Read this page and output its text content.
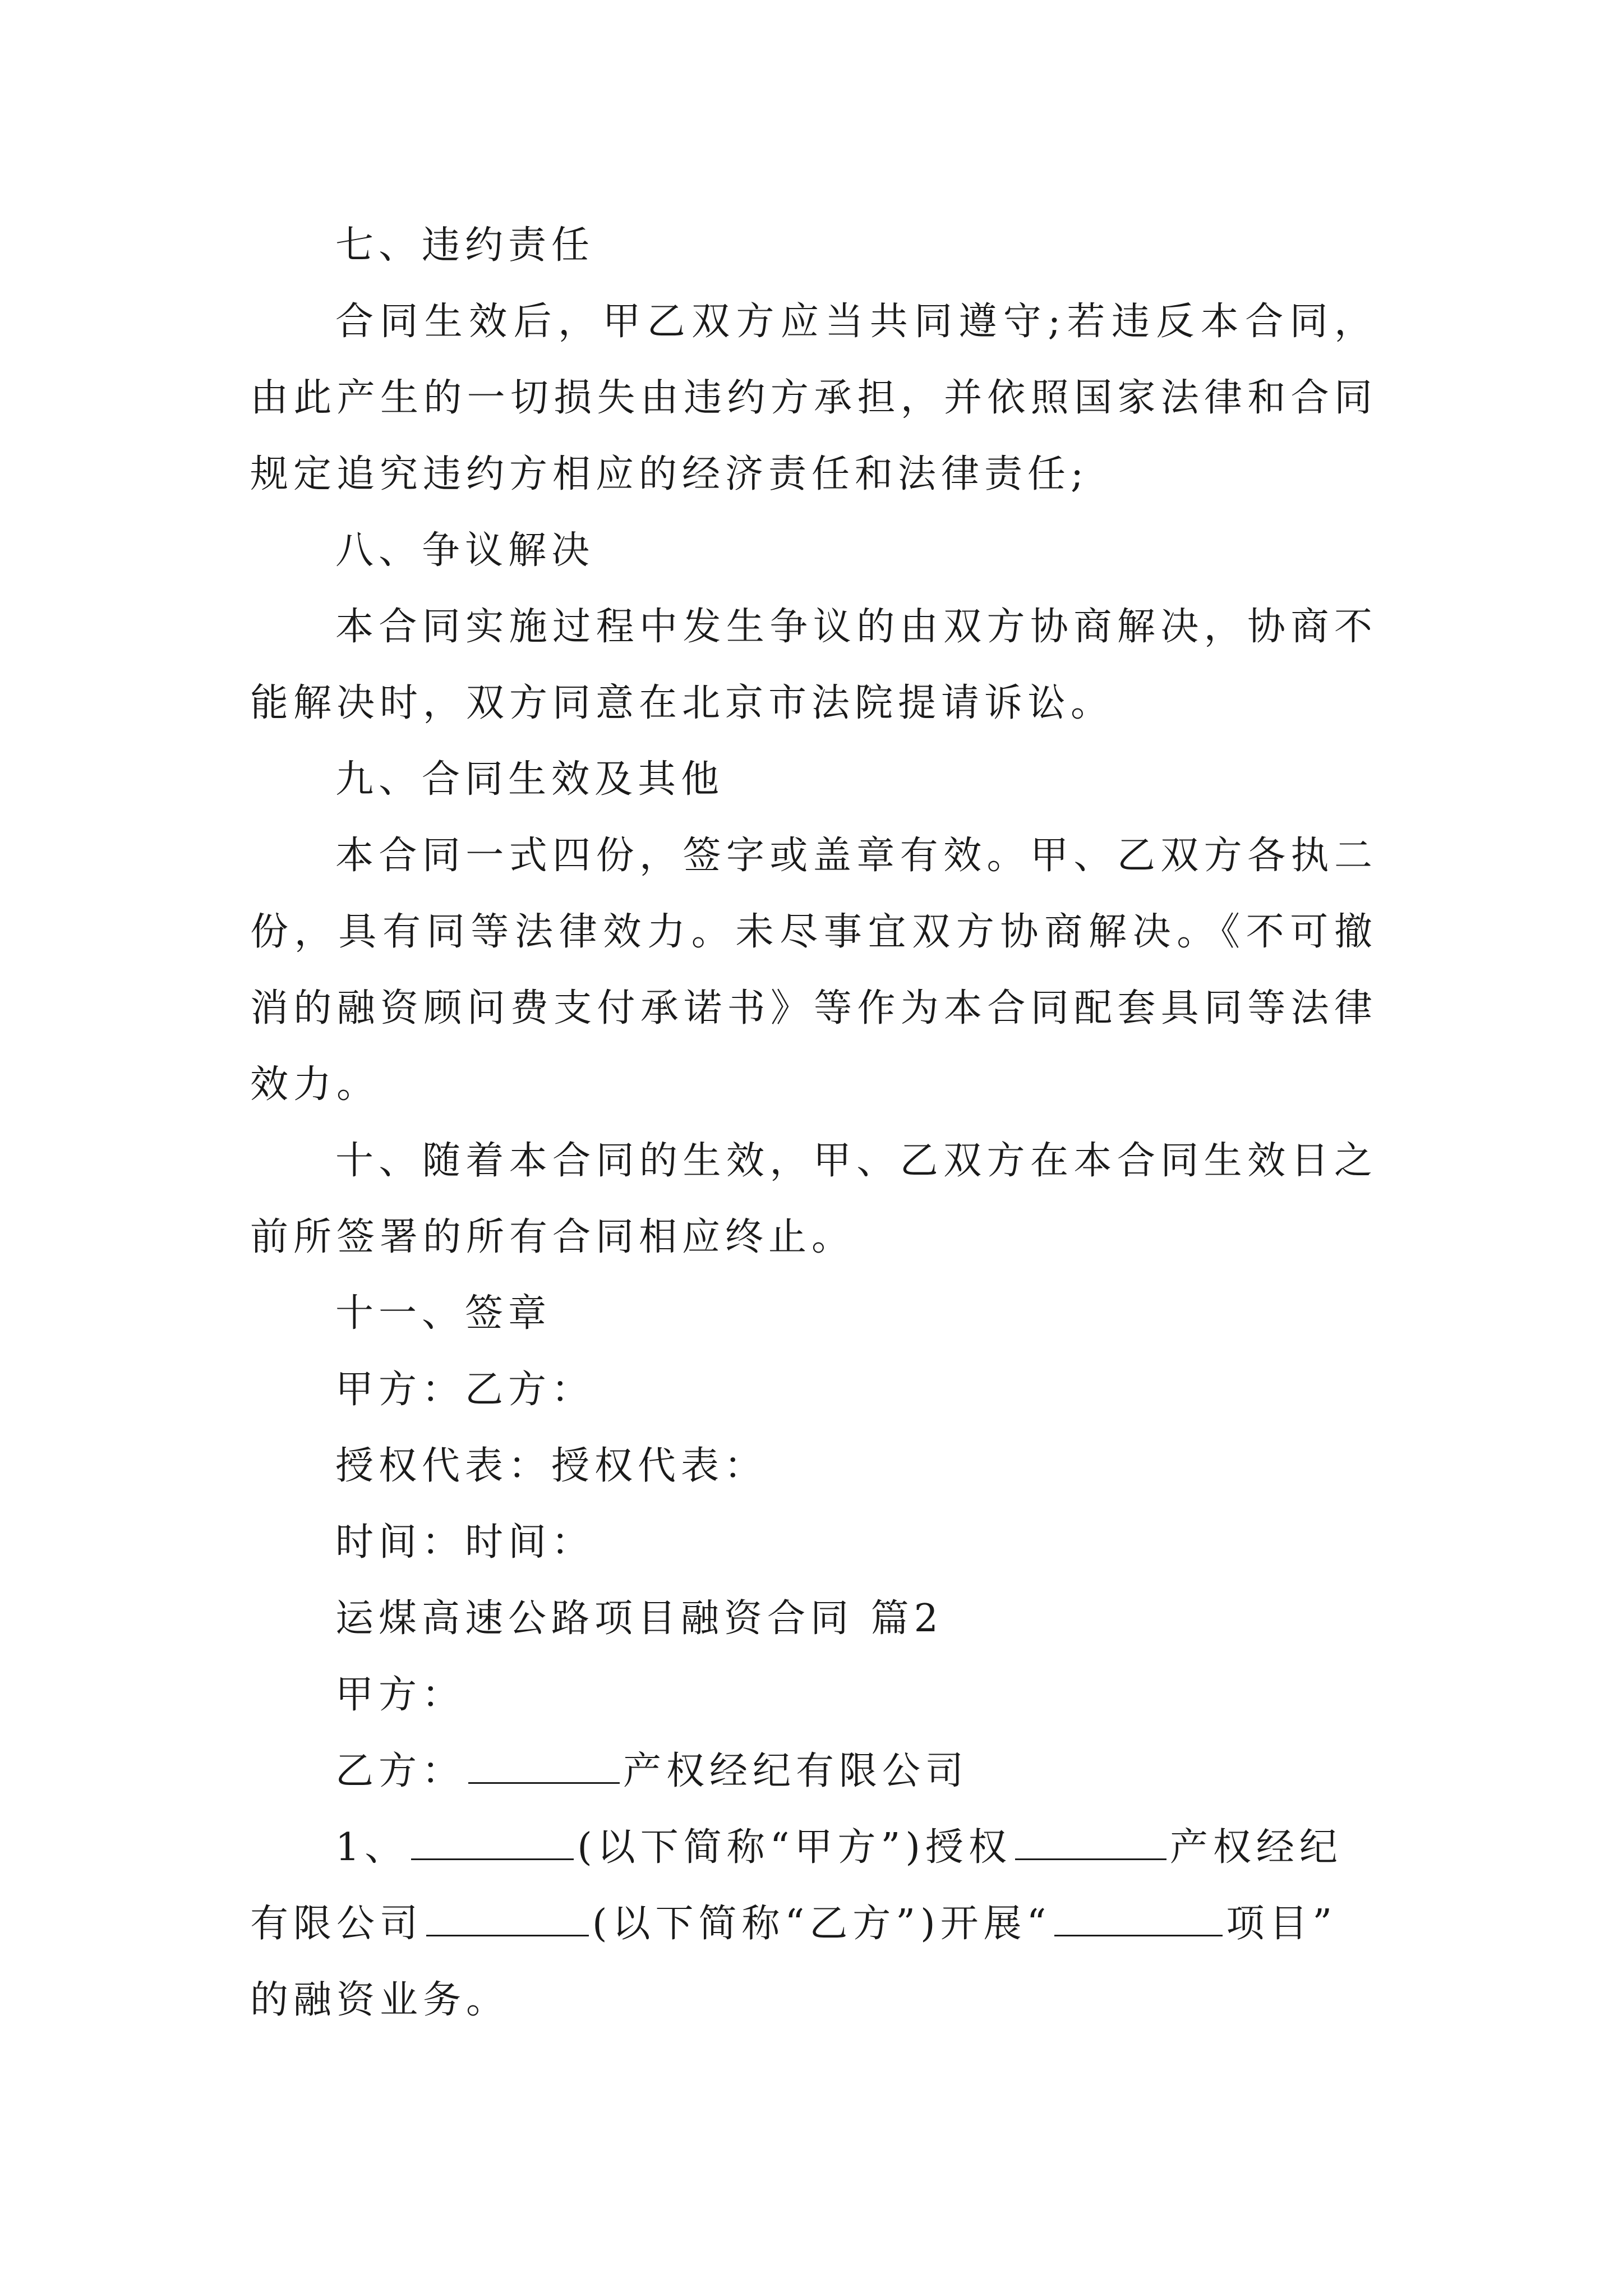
七、违约责任

合同生效后，甲乙双方应当共同遵守;若违反本合同，

由此产生的一切损失由违约方承担，并依照国家法律和合同

规定追究违约方相应的经济责任和法律责任;

八、争议解决

本合同实施过程中发生争议的由双方协商解决，协商不

能解决时，双方同意在北京市法院提请诉讼。

九、合同生效及其他

本合同一式四份，签字或盖章有效。甲、乙双方各执二

份，具有同等法律效力。未尽事宜双方协商解决。《不可撤

消的融资顾问费支付承诺书》等作为本合同配套具同等法律

效力。

十、随着本合同的生效，甲、乙双方在本合同生效日之

前所签署的所有合同相应终止。

十一、签章

甲方：乙方：

授权代表：授权代表：

时间：时间：

运煤高速公路项目融资合同 篇2

甲方：

乙方：	产权经纪有限公司

1、	(以下简称“甲方”)授权	产权经纪

有限公司	(以下简称“乙方”)开展“	项目”

的融资业务。
